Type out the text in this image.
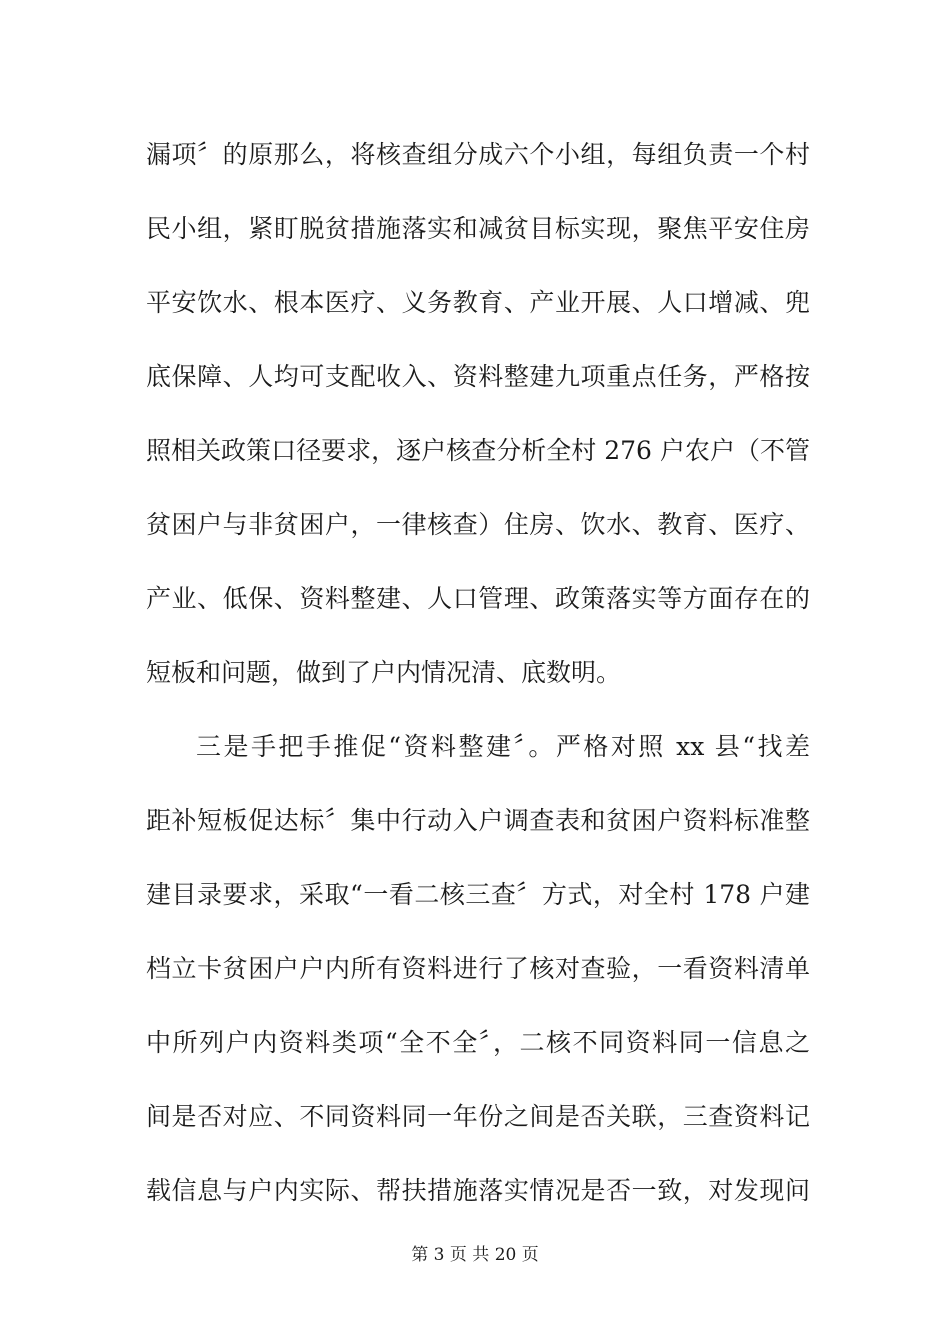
漏项〞的原那么，将核查组分成六个小组，每组负责一个村
民小组，紧盯脱贫措施落实和减贫目标实现，聚焦平安住房
平安饮水、根本医疗、义务教育、产业开展、人口增减、兜
底保障、人均可支配收入、资料整建九项重点任务，严格按
照相关政策口径要求，逐户核查分析全村 276 户农户（不管
贫困户与非贫困户，一律核查）住房、饮水、教育、医疗、
产业、低保、资料整建、人口管理、政策落实等方面存在的
短板和问题，做到了户内情况清、底数明。
三是手把手推促“资料整建〞。严格对照 xx 县“找差
距补短板促达标〞集中行动入户调查表和贫困户资料标准整
建目录要求，采取“一看二核三查〞方式，对全村 178 户建
档立卡贫困户户内所有资料进行了核对查验，一看资料清单
中所列户内资料类项“全不全〞，二核不同资料同一信息之
间是否对应、不同资料同一年份之间是否关联，三查资料记
载信息与户内实际、帮扶措施落实情况是否一致，对发现问
第 3 页 共 20 页
